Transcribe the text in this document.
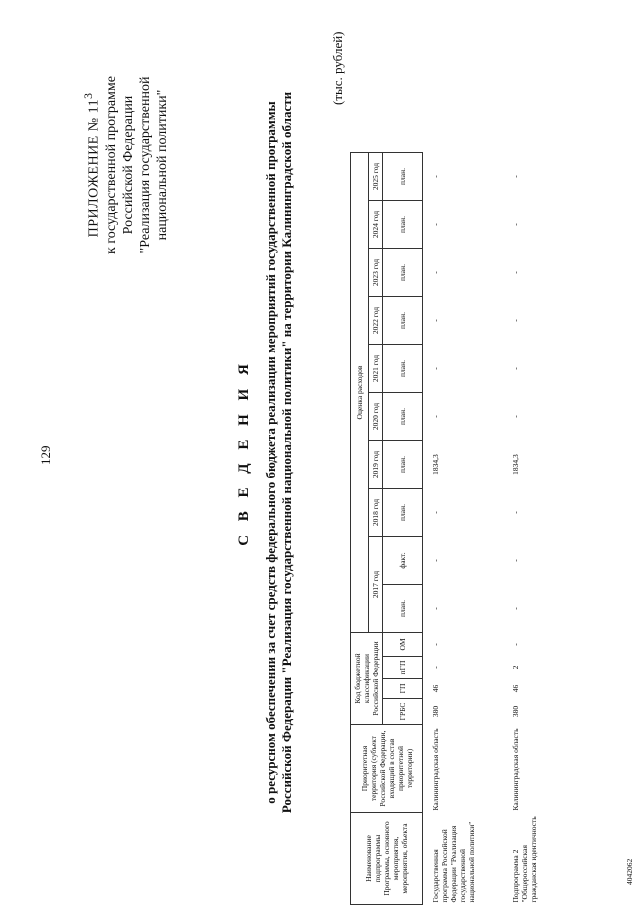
129
ПРИЛОЖЕНИЕ № $11^3$ к государственной программе Российской Федерации "Реализация государственной национальной политики"
С В Е Д Е Н И Я о ресурсном обеспечении за счет средств федерального бюджета реализации мероприятий государственной программы Российской Федерации "Реализация государственной национальной политики" на территории Калининградской области
(тыс. рублей)
Наименование подпрограммы Программы, основного мероприятия, мероприятия, объекта	Приоритетная территория (субъект Российской Федерации, входящий в состав приоритетной территории)	Код бюджетной классификации Российской Федерации				Оценка расходов									
						2017 год		2018 год	2019 год	2020 год	2021 год	2022 год	2023 год	2024 год	2025 год
		ГРБС	ГП	пГП	ОМ	план.	факт.	план.	план.	план.	план.	план.	план.	план.	план.
Государственная программа Российской Федерации "Реализация государственной национальной политики"	Калининградская область	380	46	-	-	-	-	-	1834,3	-	-	-	-	-	-
Подпрограмма 2 "Общероссийская гражданская идентичность	Калининградская область	380	46	2	-	-	-	-	1834,3	-	-	-	-	-	-
4042062
